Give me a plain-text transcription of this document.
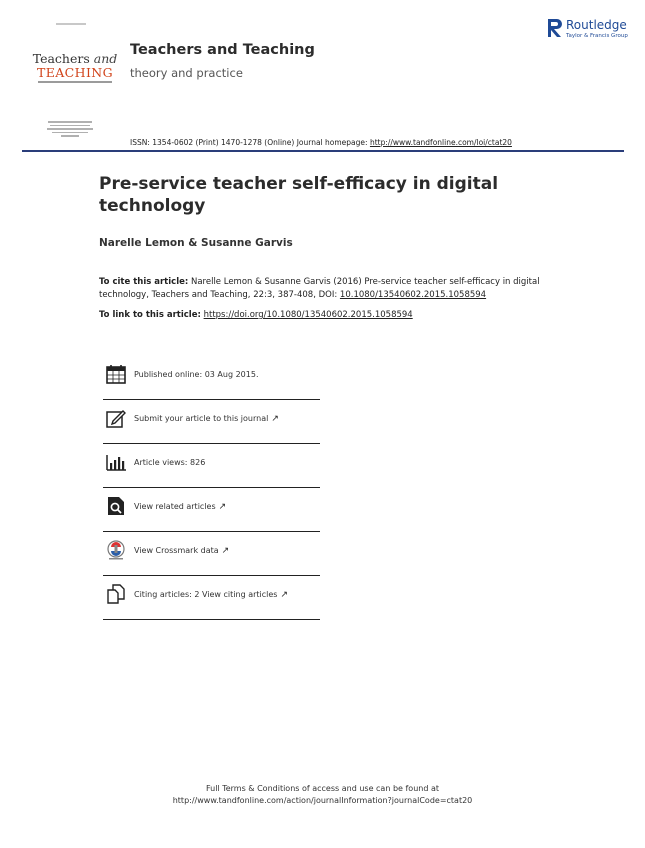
Teachers and
TEACHING
Teachers and Teaching
theory and practice
Routledge
Taylor & Francis Group
ISSN: 1354-0602 (Print) 1470-1278 (Online) Journal homepage: http://www.tandfonline.com/loi/ctat20
Pre-service teacher self-efficacy in digital technology
Narelle Lemon & Susanne Garvis
To cite this article: Narelle Lemon & Susanne Garvis (2016) Pre-service teacher self-efficacy in digital technology, Teachers and Teaching, 22:3, 387-408, DOI: 10.1080/13540602.2015.1058594
To link to this article: https://doi.org/10.1080/13540602.2015.1058594
Published online: 03 Aug 2015.
Submit your article to this journal ↗
Article views: 826
View related articles ↗
View Crossmark data ↗
Citing articles: 2 View citing articles ↗
Full Terms & Conditions of access and use can be found at
http://www.tandfonline.com/action/journalInformation?journalCode=ctat20
